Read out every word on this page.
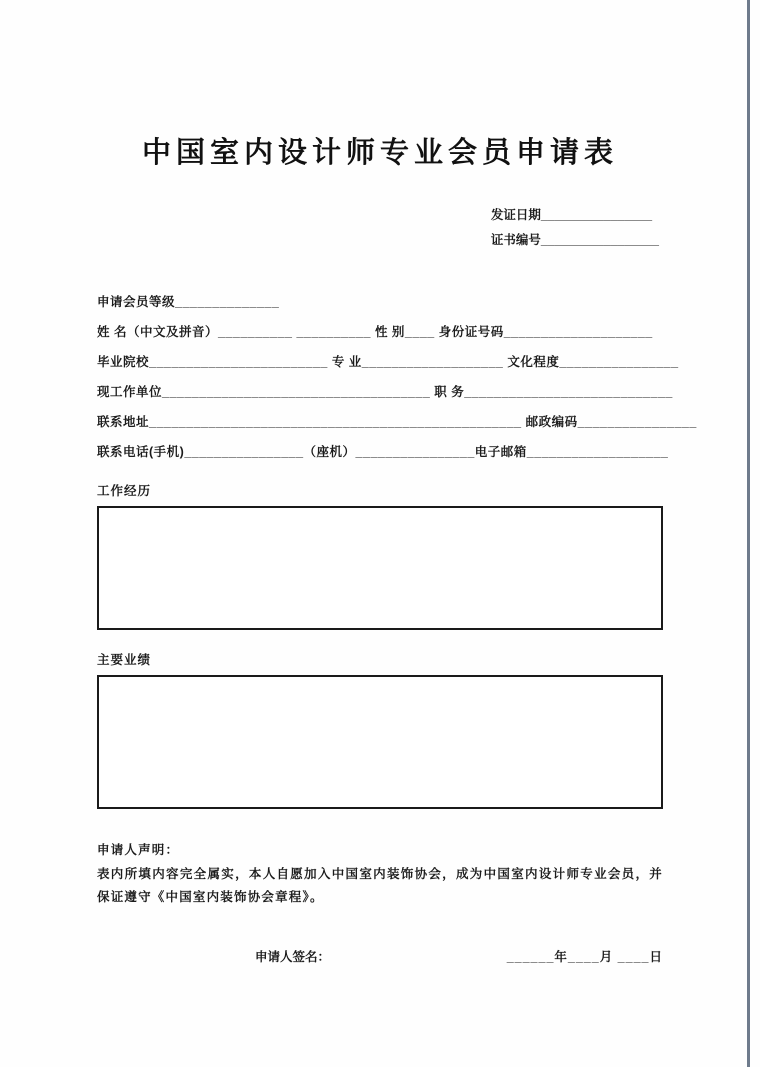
中国室内设计师专业会员申请表
发证日期________________
证书编号_________________
申请会员等级______________
姓 名（中文及拼音）__________ __________ 性 别____ 身份证号码____________________
毕业院校________________________ 专 业___________________ 文化程度________________
现工作单位____________________________________ 职 务____________________________
联系地址__________________________________________________ 邮政编码________________
联系电话(手机)________________（座机）________________电子邮箱___________________
工作经历
主要业绩

申请人声明：

表内所填内容完全属实，本人自愿加入中国室内装饰协会，成为中国室内设计师专业会员，并保证遵守《中国室内装饰协会章程》。

申请人签名：	______年____月 ____日
